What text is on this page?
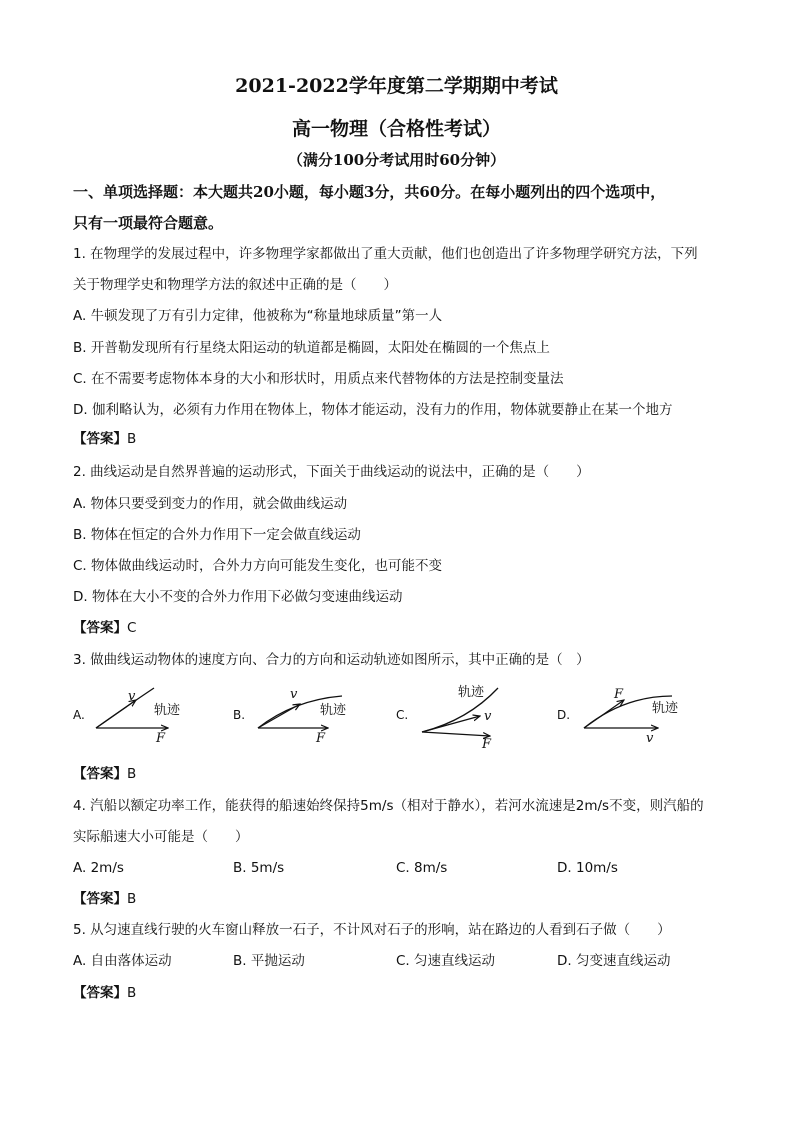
2021-2022学年度第二学期期中考试
高一物理（合格性考试）
（满分100分考试用时60分钟）
一、单项选择题：本大题共20小题，每小题3分，共60分。在每小题列出的四个选项中，
只有一项最符合题意。
1. 在物理学的发展过程中，许多物理学家都做出了重大贡献，他们也创造出了许多物理学研究方法，下列
关于物理学史和物理学方法的叙述中正确的是（　　）
A. 牛顿发现了万有引力定律，他被称为“称量地球质量”第一人
B. 开普勒发现所有行星绕太阳运动的轨道都是椭圆，太阳处在椭圆的一个焦点上
C. 在不需要考虑物体本身的大小和形状时，用质点来代替物体的方法是控制变量法
D. 伽利略认为，必须有力作用在物体上，物体才能运动，没有力的作用，物体就要静止在某一个地方
【答案】B
2. 曲线运动是自然界普遍的运动形式，下面关于曲线运动的说法中，正确的是（　　）
A. 物体只要受到变力的作用，就会做曲线运动
B. 物体在恒定的合外力作用下一定会做直线运动
C. 物体做曲线运动时，合外力方向可能发生变化，也可能不变
D. 物体在大小不变的合外力作用下必做匀变速曲线运动
【答案】C
3. 做曲线运动物体的速度方向、合力的方向和运动轨迹如图所示，其中正确的是（　）
A.	B.	C.	D.
v
轨迹
F
v
轨迹
F
轨迹
v
F
F
轨迹
v
【答案】B
4. 汽船以额定功率工作，能获得的船速始终保持5m/s（相对于静水），若河水流速是2m/s不变，则汽船的
实际船速大小可能是（　　）
A. 2m/s	B. 5m/s	C. 8m/s	D. 10m/s
【答案】B
5. 从匀速直线行驶的火车窗山释放一石子，不计风对石子的形响，站在路边的人看到石子做（　　）
A. 自由落体运动	B. 平抛运动	C. 匀速直线运动	D. 匀变速直线运动
【答案】B
